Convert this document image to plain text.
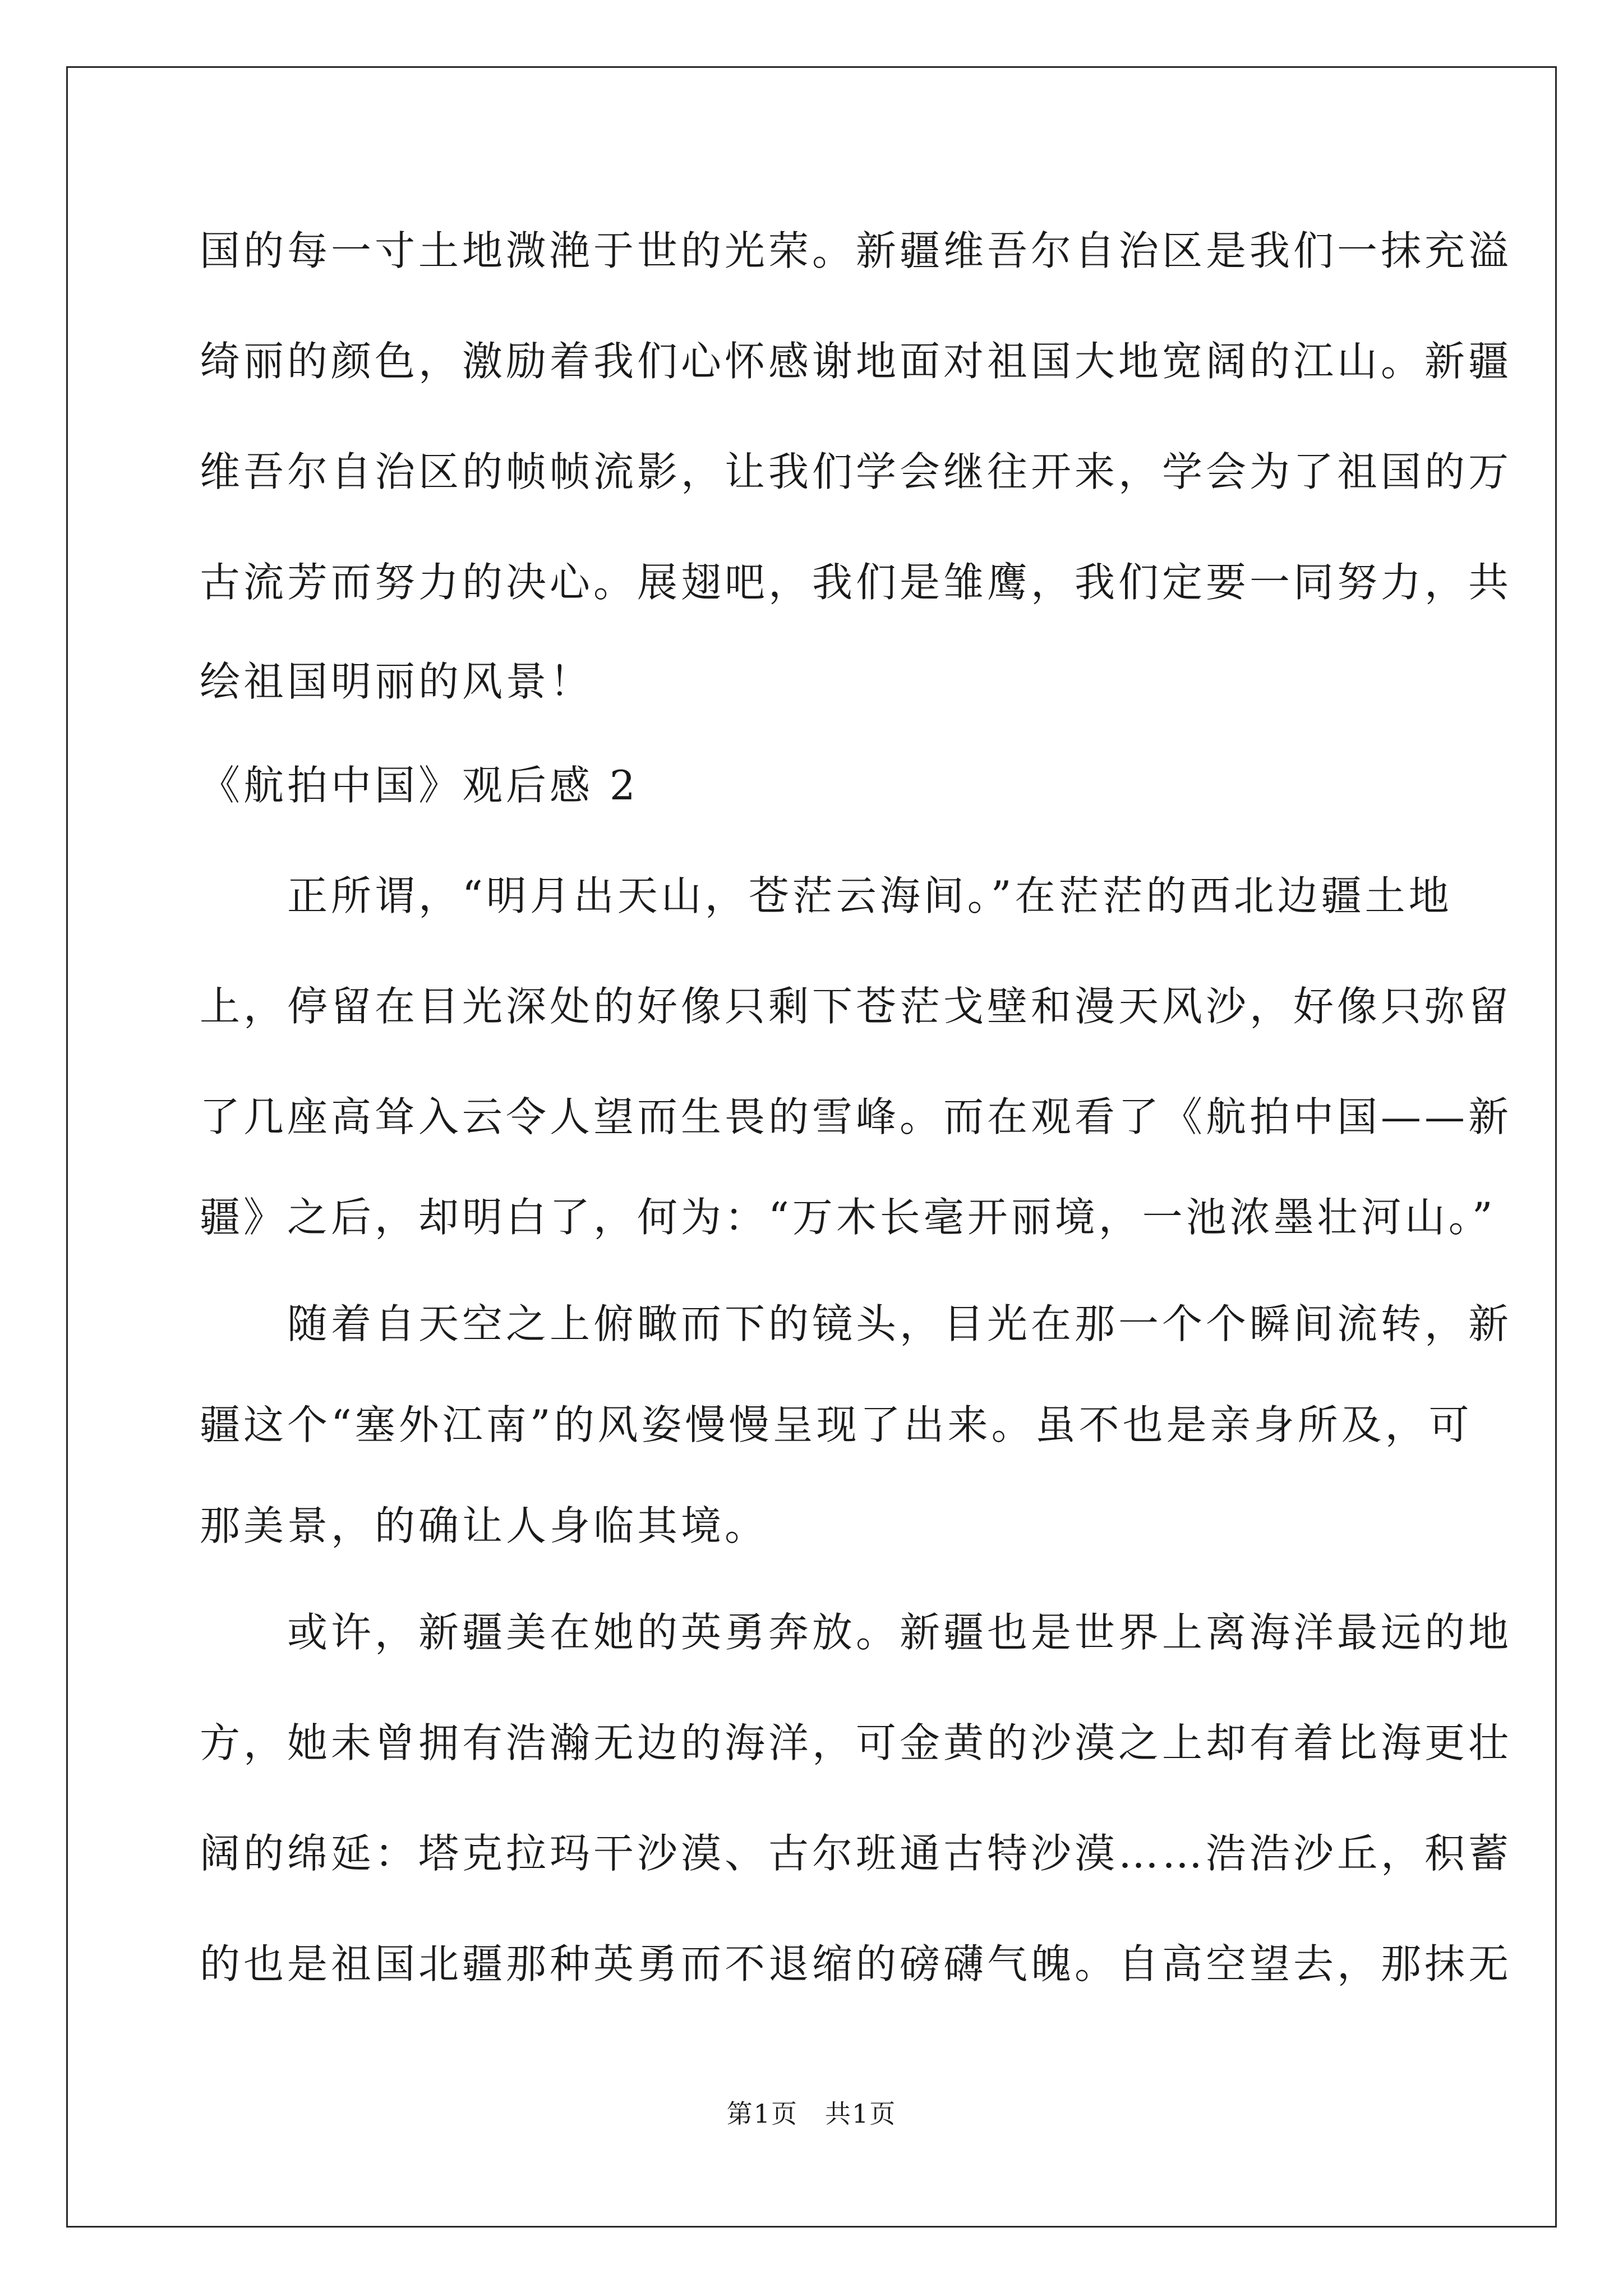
国的每一寸土地溦滟于世的光荣。新疆维吾尔自治区是我们一抹充溢
绮丽的颜色，激励着我们心怀感谢地面对祖国大地宽阔的江山。新疆
维吾尔自治区的帧帧流影，让我们学会继往开来，学会为了祖国的万
古流芳而努力的决心。展翅吧，我们是雏鹰，我们定要一同努力，共
绘祖国明丽的风景！
《航拍中国》观后感 2
　　正所谓，“明月出天山，苍茫云海间。”在茫茫的西北边疆土地
上，停留在目光深处的好像只剩下苍茫戈壁和漫天风沙，好像只弥留
了几座高耸入云令人望而生畏的雪峰。而在观看了《航拍中国——新
疆》之后，却明白了，何为：“万木长毫开丽境，一池浓墨壮河山。”
　　随着自天空之上俯瞰而下的镜头，目光在那一个个瞬间流转，新
疆这个“塞外江南”的风姿慢慢呈现了出来。虽不也是亲身所及，可
那美景，的确让人身临其境。
　　或许，新疆美在她的英勇奔放。新疆也是世界上离海洋最远的地
方，她未曾拥有浩瀚无边的海洋，可金黄的沙漠之上却有着比海更壮
阔的绵延：塔克拉玛干沙漠、古尔班通古特沙漠……浩浩沙丘，积蓄
的也是祖国北疆那种英勇而不退缩的磅礴气魄。自高空望去，那抹无
第1页　共1页
